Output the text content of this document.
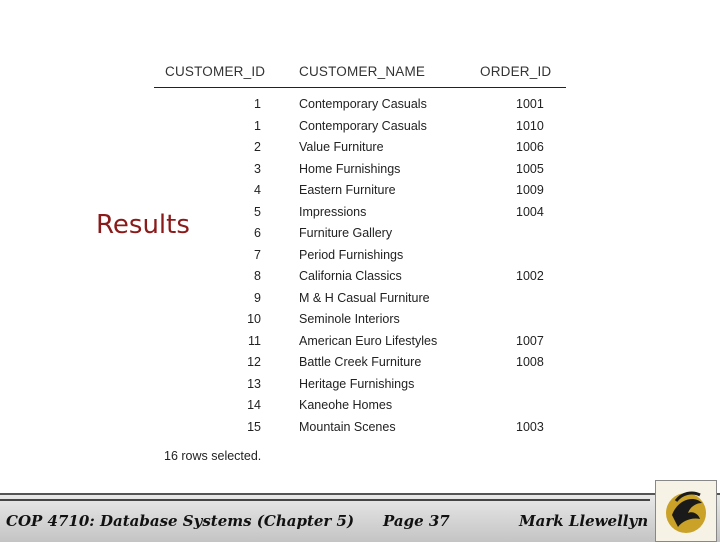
Results
CUSTOMER_ID	CUSTOMER_NAME	ORDER_ID
1	Contemporary Casuals	1001
1	Contemporary Casuals	1010
2	Value Furniture	1006
3	Home Furnishings	1005
4	Eastern Furniture	1009
5	Impressions	1004
6	Furniture Gallery
7	Period Furnishings
8	California Classics	1002
9	M & H Casual Furniture
10	Seminole Interiors
11	American Euro Lifestyles	1007
12	Battle Creek Furniture	1008
13	Heritage Furnishings
14	Kaneohe Homes
15	Mountain Scenes	1003
16 rows selected.
COP 4710: Database Systems (Chapter 5) Page 37	Mark Llewellyn
